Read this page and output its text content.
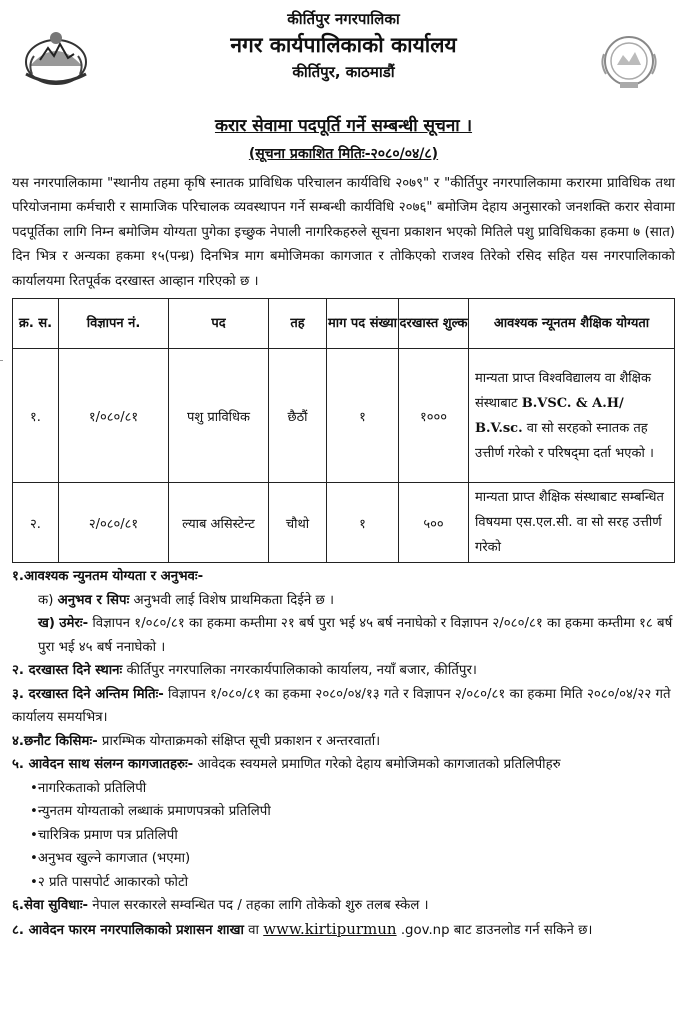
कीर्तिपुर नगरपालिका
नगर कार्यपालिकाको कार्यालय
कीर्तिपुर, काठमाडौं
करार सेवामा पदपूर्ति गर्ने सम्बन्धी सूचना ।
(सूचना प्रकाशित मितिः-२०८०/०४/८)

यस नगरपालिकामा "स्थानीय तहमा कृषि स्नातक प्राविधिक परिचालन कार्यविधि २०७९" र "कीर्तिपुर नगरपालिकामा करारमा प्राविधिक तथा परियोजनामा कर्मचारी र सामाजिक परिचालक व्यवस्थापन गर्ने सम्बन्धी कार्यविधि २०७६" बमोजिम देहाय अनुसारको जनशक्ति करार सेवामा पदपूर्तिका लागि निम्न बमोजिम योग्यता पुगेका इच्छुक नेपाली नागरिकहरुले सूचना प्रकाशन भएको मितिले पशु प्राविधिकका हकमा ७ (सात) दिन भित्र र अन्यका हकमा १५(पन्ध्र) दिनभित्र माग बमोजिमका कागजात र तोकिएको राजश्व तिरेको रसिद सहित यस नगरपालिकाको कार्यालयमा रितपूर्वक दरखास्त आव्हान गरिएको छ ।

क्र. स.	विज्ञापन नं.	पद	तह	माग पद संख्या	दरखास्त शुल्क	आवश्यक न्यूनतम शैक्षिक योग्यता
१.	१/०८०/८१	पशु प्राविधिक	छैठौं	१	१०००	मान्यता प्राप्त विश्वविद्यालय वा शैक्षिक संस्थाबाट B.VSC. & A.H/ B.V.sc. वा सो सरहको स्नातक तह उत्तीर्ण गरेको र परिषद्‌मा दर्ता भएको ।
२.	२/०८०/८१	ल्याब असिस्टेन्ट	चौथो	१	५००	मान्यता प्राप्त शैक्षिक संस्थाबाट सम्बन्धित विषयमा एस.एल.सी. वा सो सरह उत्तीर्ण गरेको
१.आवश्यक न्युनतम योग्यता र अनुभवः-
क) अनुभव र सिपः अनुभवी लाई विशेष प्राथमिकता दिईने छ ।
ख) उमेरः- विज्ञापन १/०८०/८१ का हकमा कम्तीमा २१ बर्ष पुरा भई ४५ बर्ष ननाघेको र विज्ञापन २/०८०/८१ का हकमा कम्तीमा १८ बर्ष पुरा भई ४५ बर्ष ननाघेको ।
२. दरखास्त दिने स्थानः कीर्तिपुर नगरपालिका नगरकार्यपालिकाको कार्यालय, नयाँ बजार, कीर्तिपुर।
३. दरखास्त दिने अन्तिम मितिः- विज्ञापन १/०८०/८१ का हकमा २०८०/०४/१३ गते र विज्ञापन २/०८०/८१ का हकमा मिति २०८०/०४/२२ गते कार्यालय समयभित्र।
४.छनौट किसिमः- प्रारम्भिक योग्ताक्रमको संक्षिप्त सूची प्रकाशन र अन्तरवार्ता।
५. आवेदन साथ संलग्न कागजातहरुः- आवेदक स्वयमले प्रमाणित गरेको देहाय बमोजिमको कागजातको प्रतिलिपीहरु
•नागरिकताको प्रतिलिपी
•न्युनतम योग्यताको लब्धाकं प्रमाणपत्रको प्रतिलिपी
•चारित्रिक प्रमाण पत्र प्रतिलिपी
•अनुभव खुल्ने कागजात (भएमा)
•२ प्रति पासपोर्ट आकारको फोटो
६.सेवा सुविधाः- नेपाल सरकारले सम्वन्धित पद / तहका लागि तोकेको शुरु तलब स्केल ।
८. आवेदन फारम नगरपालिकाको प्रशासन शाखा वा www.kirtipurmun .gov.np बाट डाउनलोड गर्न सकिने छ।
